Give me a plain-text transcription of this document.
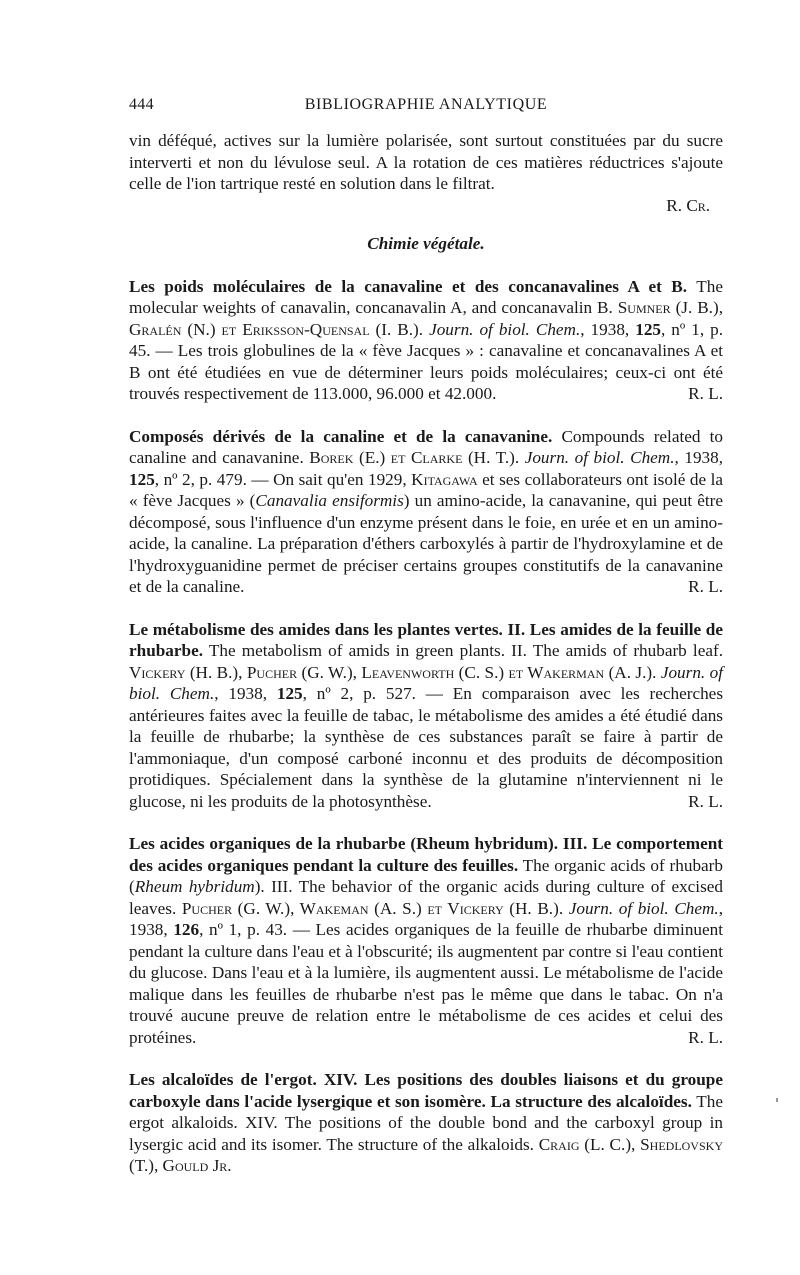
444	BIBLIOGRAPHIE ANALYTIQUE

vin déféqué, actives sur la lumière polarisée, sont surtout constituées par du sucre interverti et non du lévulose seul. A la rotation de ces matières réductrices s'ajoute celle de l'ion tartrique resté en solution dans le filtrat.

R. Cr.

Chimie végétale.

Les poids moléculaires de la canavaline et des concanavalines A et B. The molecular weights of canavalin, concanavalin A, and concanavalin B. Sumner (J. B.), Gralén (N.) et Eriksson-Quensal (I. B.). Journ. of biol. Chem., 1938, 125, nº 1, p. 45. — Les trois globulines de la « fève Jacques » : canavaline et concanavalines A et B ont été étudiées en vue de déterminer leurs poids moléculaires; ceux-ci ont été trouvés respectivement de 113.000, 96.000 et 42.000.	R. L.

Composés dérivés de la canaline et de la canavanine. Compounds related to canaline and canavanine. Borek (E.) et Clarke (H. T.). Journ. of biol. Chem., 1938, 125, nº 2, p. 479. — On sait qu'en 1929, Kitagawa et ses collaborateurs ont isolé de la « fève Jacques » (Canavalia ensiformis) un amino-acide, la canavanine, qui peut être décomposé, sous l'influence d'un enzyme présent dans le foie, en urée et en un amino-acide, la canaline. La préparation d'éthers carboxylés à partir de l'hydroxylamine et de l'hydroxyguanidine permet de préciser certains groupes constitutifs de la canavanine et de la canaline.	R. L.

Le métabolisme des amides dans les plantes vertes. II. Les amides de la feuille de rhubarbe. The metabolism of amids in green plants. II. The amids of rhubarb leaf. Vickery (H. B.), Pucher (G. W.), Leavenworth (C. S.) et Wakerman (A. J.). Journ. of biol. Chem., 1938, 125, nº 2, p. 527. — En comparaison avec les recherches antérieures faites avec la feuille de tabac, le métabolisme des amides a été étudié dans la feuille de rhubarbe; la synthèse de ces substances paraît se faire à partir de l'ammoniaque, d'un composé carboné inconnu et des produits de décomposition protidiques. Spécialement dans la synthèse de la glutamine n'interviennent ni le glucose, ni les produits de la photosynthèse.	R. L.

Les acides organiques de la rhubarbe (Rheum hybridum). III. Le comportement des acides organiques pendant la culture des feuilles. The organic acids of rhubarb (Rheum hybridum). III. The behavior of the organic acids during culture of excised leaves. Pucher (G. W.), Wakeman (A. S.) et Vickery (H. B.). Journ. of biol. Chem., 1938, 126, nº 1, p. 43. — Les acides organiques de la feuille de rhubarbe diminuent pendant la culture dans l'eau et à l'obscurité; ils augmentent par contre si l'eau contient du glucose. Dans l'eau et à la lumière, ils augmentent aussi. Le métabolisme de l'acide malique dans les feuilles de rhubarbe n'est pas le même que dans le tabac. On n'a trouvé aucune preuve de relation entre le métabolisme de ces acides et celui des protéines.	R. L.

Les alcaloïdes de l'ergot. XIV. Les positions des doubles liaisons et du groupe carboxyle dans l'acide lysergique et son isomère. La structure des alcaloïdes. The ergot alkaloids. XIV. The positions of the double bond and the carboxyl group in lysergic acid and its isomer. The structure of the alkaloids. Craig (L. C.), Shedlovsky (T.), Gould Jr.
